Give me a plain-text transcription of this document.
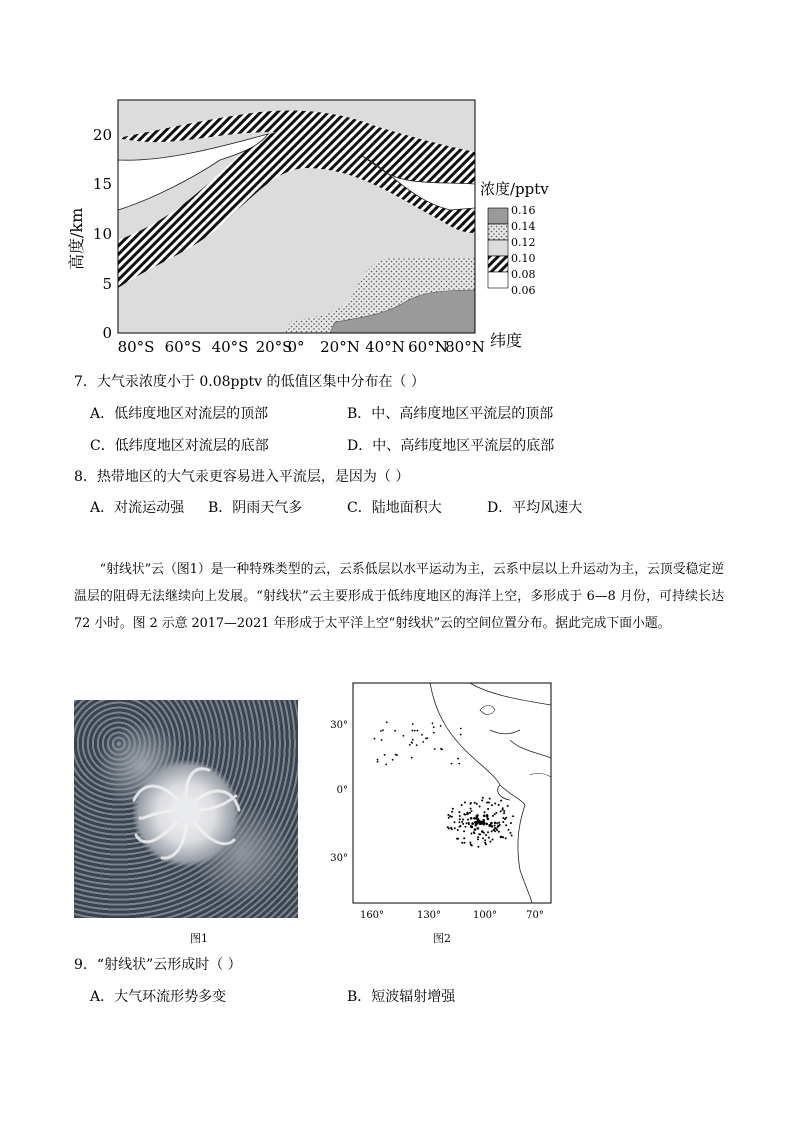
0
5
10
15
20
高度/km
80°S 60°S 40°S 20°S
0° 20°N 40°N 60°N
80°N 纬度
浓度/pptv
0.16
0.14
0.12
0.10
0.08
0.06
7．大气汞浓度小于 0.08pptv 的低值区集中分布在（ ）
A．低纬度地区对流层的顶部	B．中、高纬度地区平流层的顶部
C．低纬度地区对流层的底部	D．中、高纬度地区平流层的底部
8．热带地区的大气汞更容易进入平流层，是因为（ ）
A．对流运动强 B．阴雨天气多	C．陆地面积大	D．平均风速大
“射线状”云（图1）是一种特殊类型的云，云系低层以水平运动为主，云系中层以上升运动为主，云顶受稳定逆温层的阻碍无法继续向上发展。“射线状”云主要形成于低纬度地区的海洋上空，多形成于 6—8 月份，可持续长达 72 小时。图 2 示意 2017—2021 年形成于太平洋上空“射线状”云的空间位置分布。据此完成下面小题。
图1
30°
0°
30°
160°	130°	100°	70°
图2
9．“射线状”云形成时（ ）
A．大气环流形势多变	B．短波辐射增强
